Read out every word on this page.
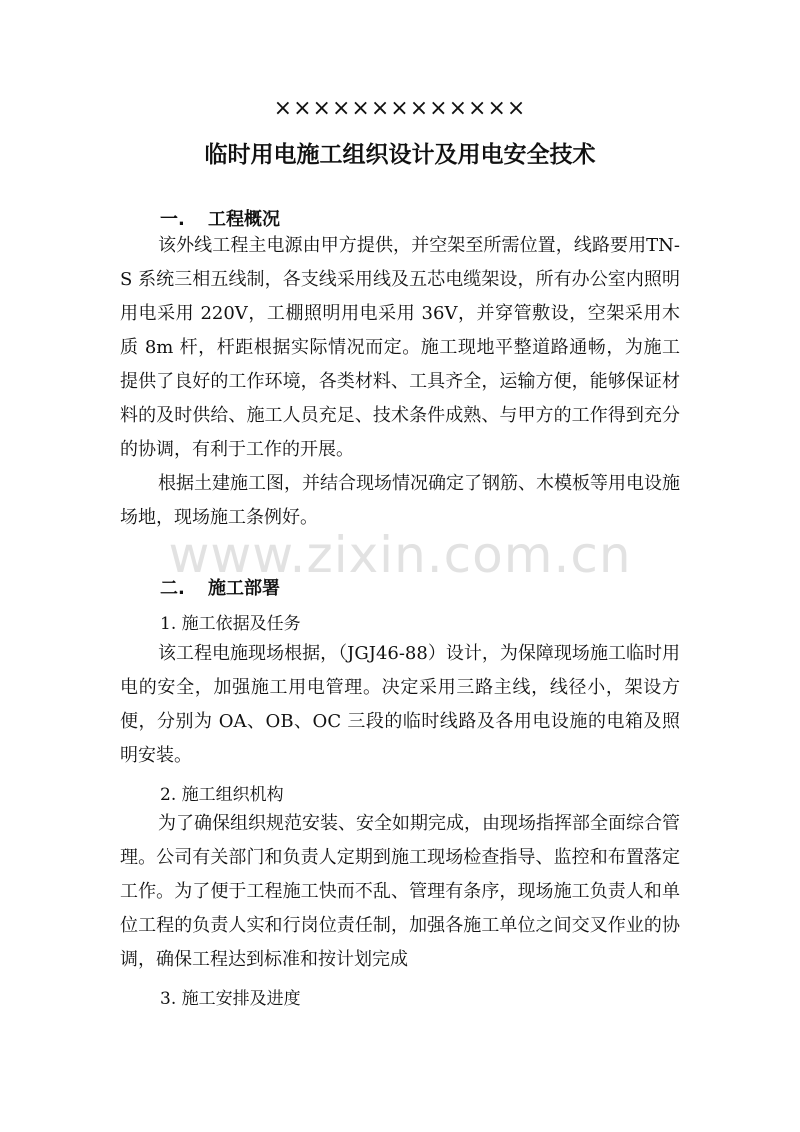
×××××××××××××
临时用电施工组织设计及用电安全技术
一. 工程概况
该外线工程主电源由甲方提供，并空架至所需位置，线路要用TN-S 系统三相五线制，各支线采用线及五芯电缆架设，所有办公室内照明用电采用 220V，工棚照明用电采用 36V，并穿管敷设，空架采用木质 8m 杆，杆距根据实际情况而定。施工现地平整道路通畅，为施工提供了良好的工作环境，各类材料、工具齐全，运输方便，能够保证材料的及时供给、施工人员充足、技术条件成熟、与甲方的工作得到充分的协调，有利于工作的开展。
根据土建施工图，并结合现场情况确定了钢筋、木模板等用电设施场地，现场施工条例好。
www.zixin.com.cn
二. 施工部署
1. 施工依据及任务
该工程电施现场根据，（JGJ46-88）设计，为保障现场施工临时用电的安全，加强施工用电管理。决定采用三路主线，线径小，架设方便，分别为 OA、OB、OC 三段的临时线路及各用电设施的电箱及照明安装。
2. 施工组织机构
为了确保组织规范安装、安全如期完成，由现场指挥部全面综合管理。公司有关部门和负责人定期到施工现场检查指导、监控和布置落定工作。为了便于工程施工快而不乱、管理有条序，现场施工负责人和单位工程的负责人实和行岗位责任制，加强各施工单位之间交叉作业的协调，确保工程达到标准和按计划完成
3. 施工安排及进度
